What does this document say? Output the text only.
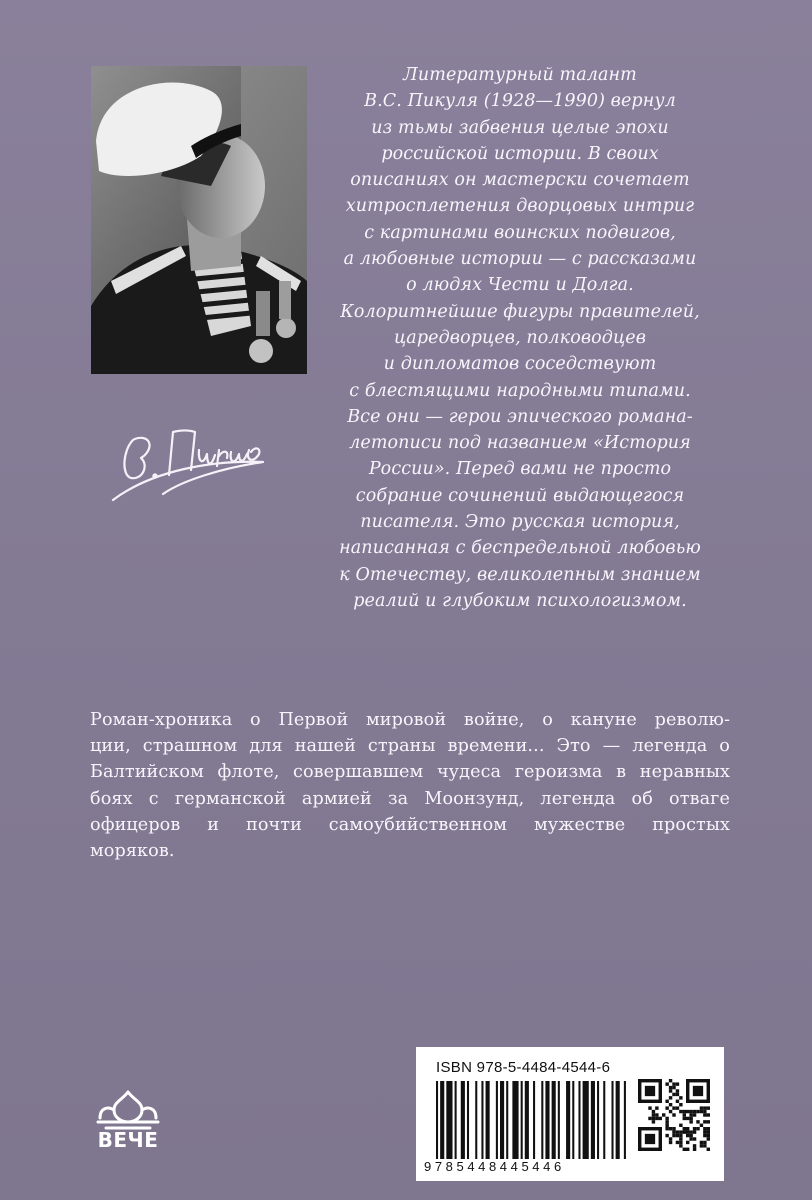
Литературный талант
В.С. Пикуля (1928—1990) вернул
из тьмы забвения целые эпохи
российской истории. В своих
описаниях он мастерски сочетает
хитросплетения дворцовых интриг
с картинами воинских подвигов,
а любовные истории — с рассказами
о людях Чести и Долга.
Колоритнейшие фигуры правителей,
царедворцев, полководцев
и дипломатов соседствуют
с блестящими народными типами.
Все они — герои эпического романа-
летописи под названием «История
России». Перед вами не просто
собрание сочинений выдающегося
писателя. Это русская история,
написанная с беспредельной любовью
к Отечеству, великолепным знанием
реалий и глубоким психологизмом.
Роман-хроника о Первой мировой войне, о кануне револю-
ции, страшном для нашей страны времени... Это — легенда о
Балтийском флоте, совершавшем чудеса героизма в неравных
боях с германской армией за Моонзунд, легенда об отваге
офицеров и почти самоубийственном мужестве простых
моряков.
ВЕЧЕ
ISBN 978-5-4484-4544-6
9785448445446
